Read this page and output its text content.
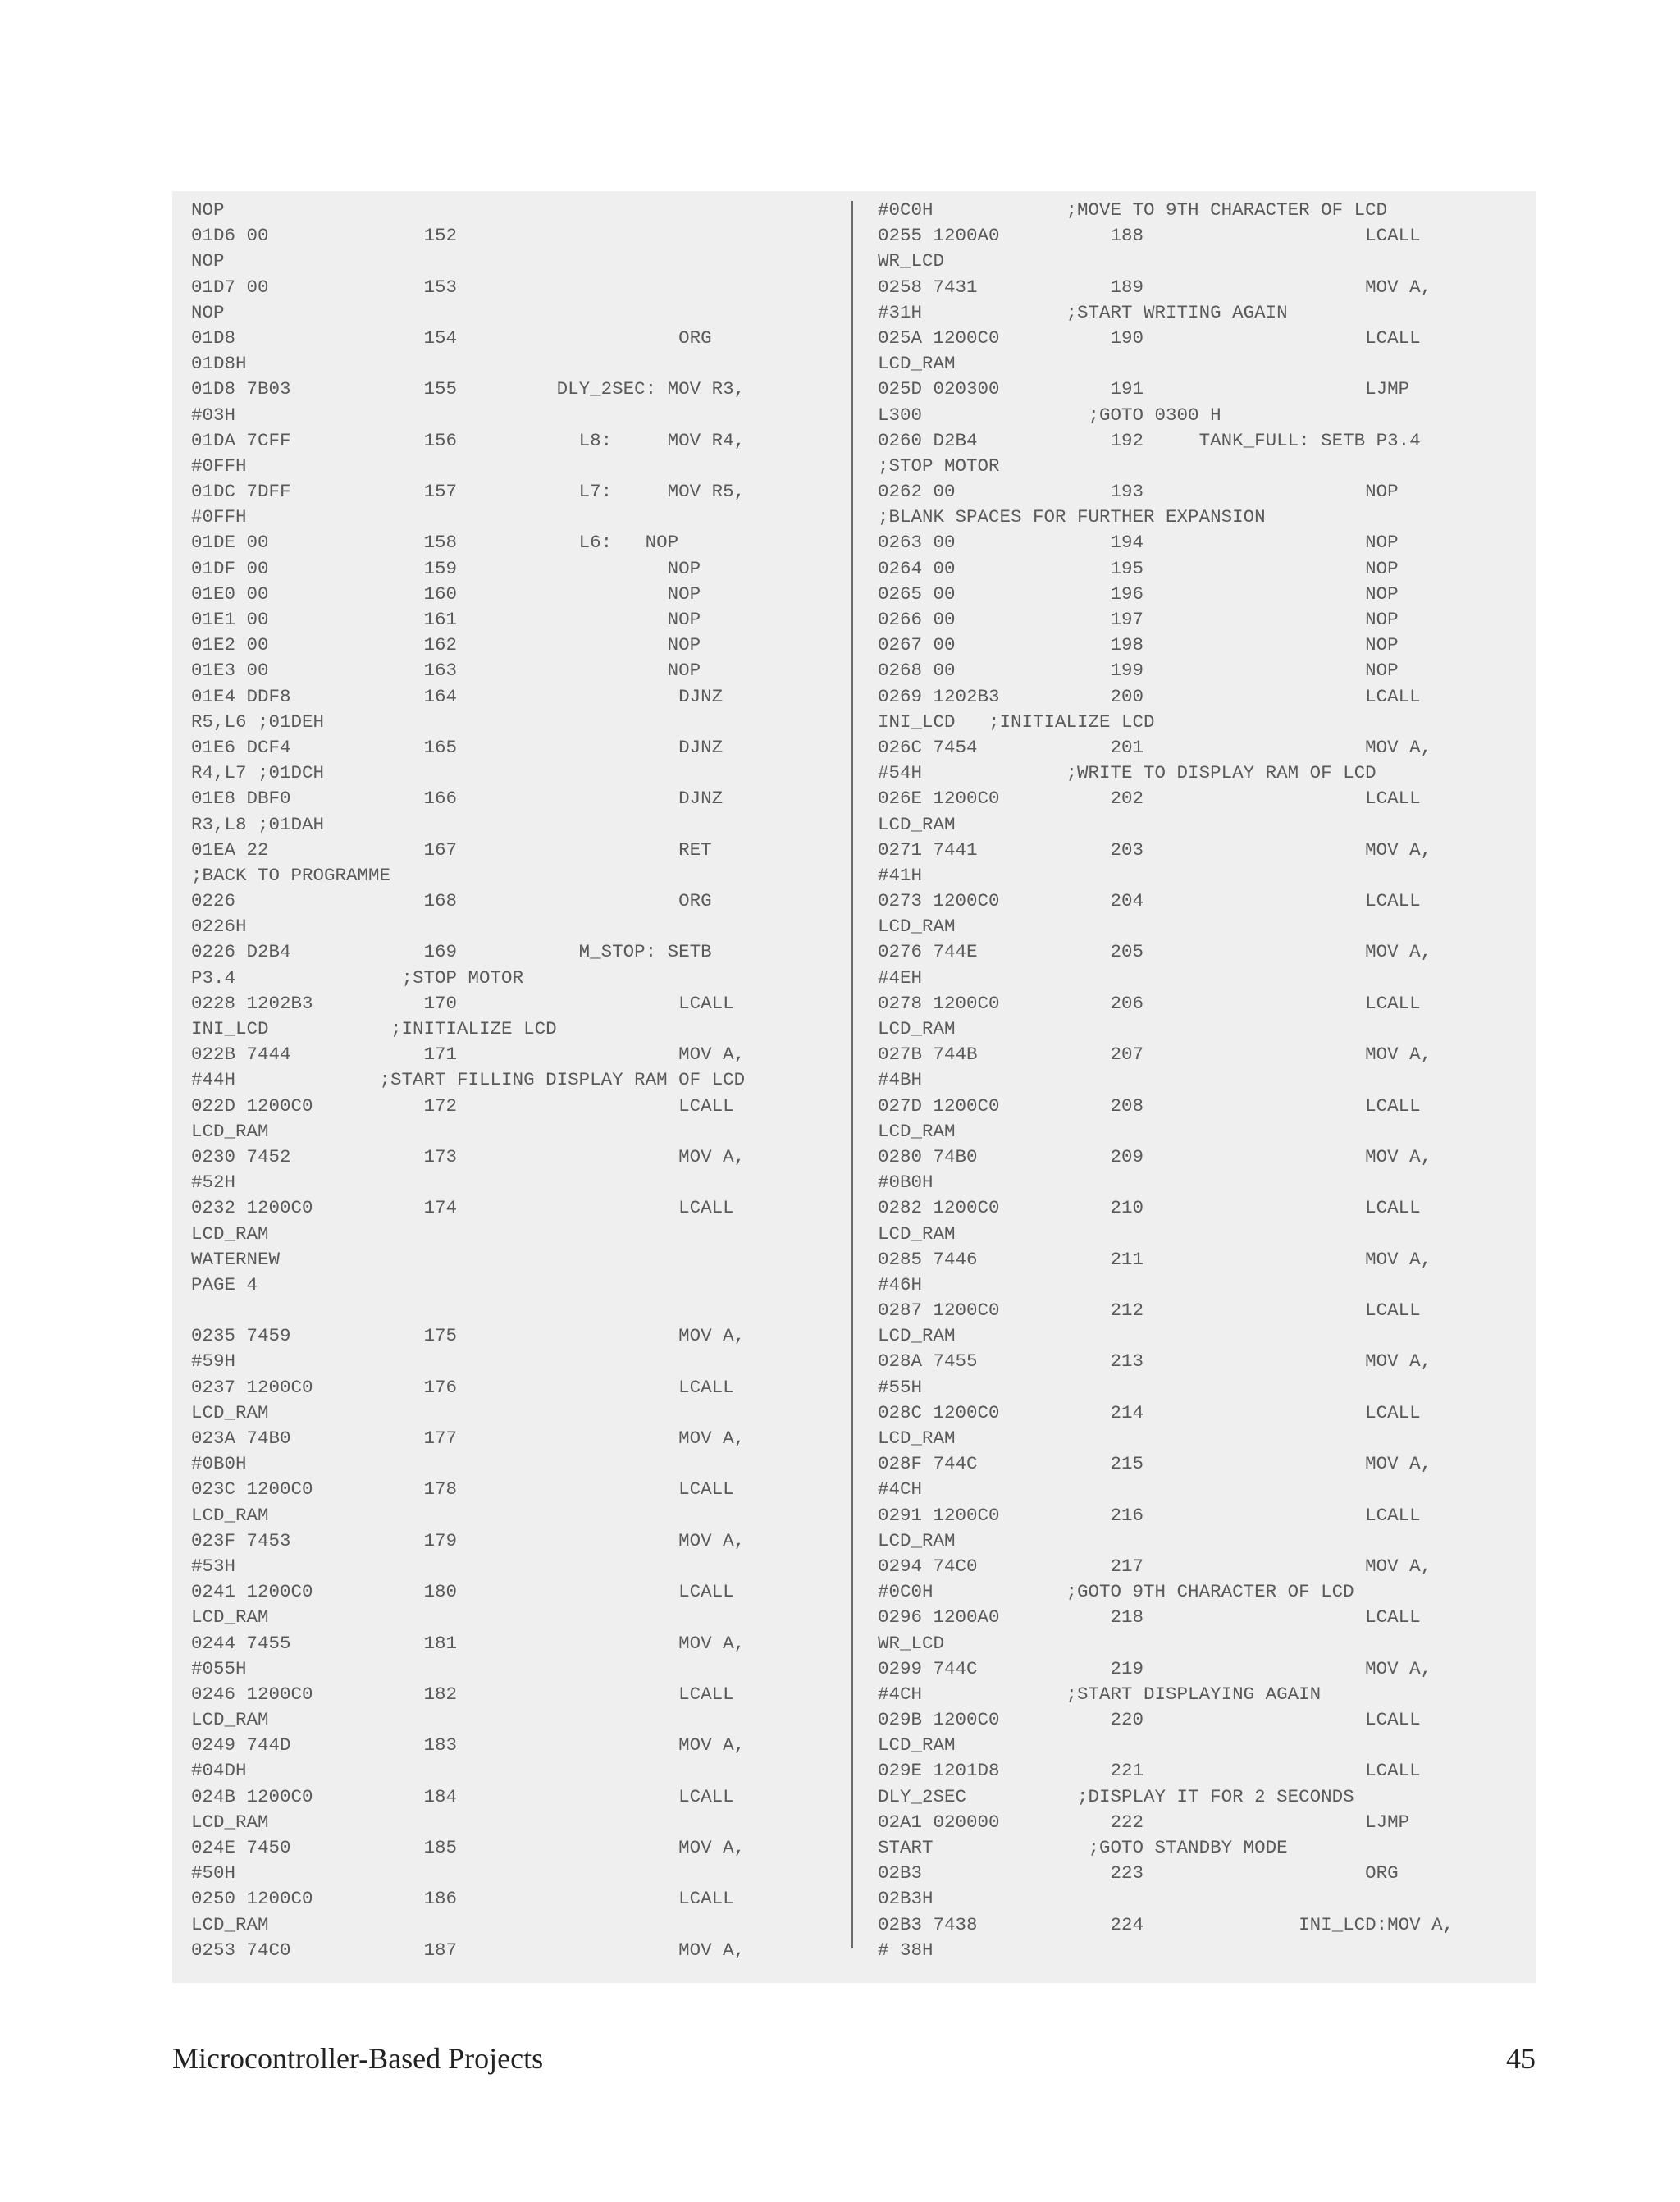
NOP
01D6 00              152
NOP
01D7 00              153
NOP
01D8                 154                    ORG
01D8H
01D8 7B03            155         DLY_2SEC: MOV R3,
#03H
01DA 7CFF            156           L8:     MOV R4,
#0FFH
01DC 7DFF            157           L7:     MOV R5,
#0FFH
01DE 00              158           L6:   NOP
01DF 00              159                   NOP
01E0 00              160                   NOP
01E1 00              161                   NOP
01E2 00              162                   NOP
01E3 00              163                   NOP
01E4 DDF8            164                    DJNZ
R5,L6 ;01DEH
01E6 DCF4            165                    DJNZ
R4,L7 ;01DCH
01E8 DBF0            166                    DJNZ
R3,L8 ;01DAH
01EA 22              167                    RET
;BACK TO PROGRAMME
0226                 168                    ORG
0226H
0226 D2B4            169           M_STOP: SETB
P3.4               ;STOP MOTOR
0228 1202B3          170                    LCALL
INI_LCD           ;INITIALIZE LCD
022B 7444            171                    MOV A,
#44H             ;START FILLING DISPLAY RAM OF LCD
022D 1200C0          172                    LCALL
LCD_RAM
0230 7452            173                    MOV A,
#52H
0232 1200C0          174                    LCALL
LCD_RAM
WATERNEW
PAGE 4
0235 7459            175                    MOV A,
#59H
0237 1200C0          176                    LCALL
LCD_RAM
023A 74B0            177                    MOV A,
#0B0H
023C 1200C0          178                    LCALL
LCD_RAM
023F 7453            179                    MOV A,
#53H
0241 1200C0          180                    LCALL
LCD_RAM
0244 7455            181                    MOV A,
#055H
0246 1200C0          182                    LCALL
LCD_RAM
0249 744D            183                    MOV A,
#04DH
024B 1200C0          184                    LCALL
LCD_RAM
024E 7450            185                    MOV A,
#50H
0250 1200C0          186                    LCALL
LCD_RAM
0253 74C0            187                    MOV A,
#0C0H            ;MOVE TO 9TH CHARACTER OF LCD
0255 1200A0          188                    LCALL
WR_LCD
0258 7431            189                    MOV A,
#31H             ;START WRITING AGAIN
025A 1200C0          190                    LCALL
LCD_RAM
025D 020300          191                    LJMP
L300               ;GOTO 0300 H
0260 D2B4            192     TANK_FULL: SETB P3.4
;STOP MOTOR
0262 00              193                    NOP
;BLANK SPACES FOR FURTHER EXPANSION
0263 00              194                    NOP
0264 00              195                    NOP
0265 00              196                    NOP
0266 00              197                    NOP
0267 00              198                    NOP
0268 00              199                    NOP
0269 1202B3          200                    LCALL
INI_LCD   ;INITIALIZE LCD
026C 7454            201                    MOV A,
#54H             ;WRITE TO DISPLAY RAM OF LCD
026E 1200C0          202                    LCALL
LCD_RAM
0271 7441            203                    MOV A,
#41H
0273 1200C0          204                    LCALL
LCD_RAM
0276 744E            205                    MOV A,
#4EH
0278 1200C0          206                    LCALL
LCD_RAM
027B 744B            207                    MOV A,
#4BH
027D 1200C0          208                    LCALL
LCD_RAM
0280 74B0            209                    MOV A,
#0B0H
0282 1200C0          210                    LCALL
LCD_RAM
0285 7446            211                    MOV A,
#46H
0287 1200C0          212                    LCALL
LCD_RAM
028A 7455            213                    MOV A,
#55H
028C 1200C0          214                    LCALL
LCD_RAM
028F 744C            215                    MOV A,
#4CH
0291 1200C0          216                    LCALL
LCD_RAM
0294 74C0            217                    MOV A,
#0C0H            ;GOTO 9TH CHARACTER OF LCD
0296 1200A0          218                    LCALL
WR_LCD
0299 744C            219                    MOV A,
#4CH             ;START DISPLAYING AGAIN
029B 1200C0          220                    LCALL
LCD_RAM
029E 1201D8          221                    LCALL
DLY_2SEC          ;DISPLAY IT FOR 2 SECONDS
02A1 020000          222                    LJMP
START              ;GOTO STANDBY MODE
02B3                 223                    ORG
02B3H
02B3 7438            224              INI_LCD:MOV A,
# 38H
Microcontroller-Based Projects	45
